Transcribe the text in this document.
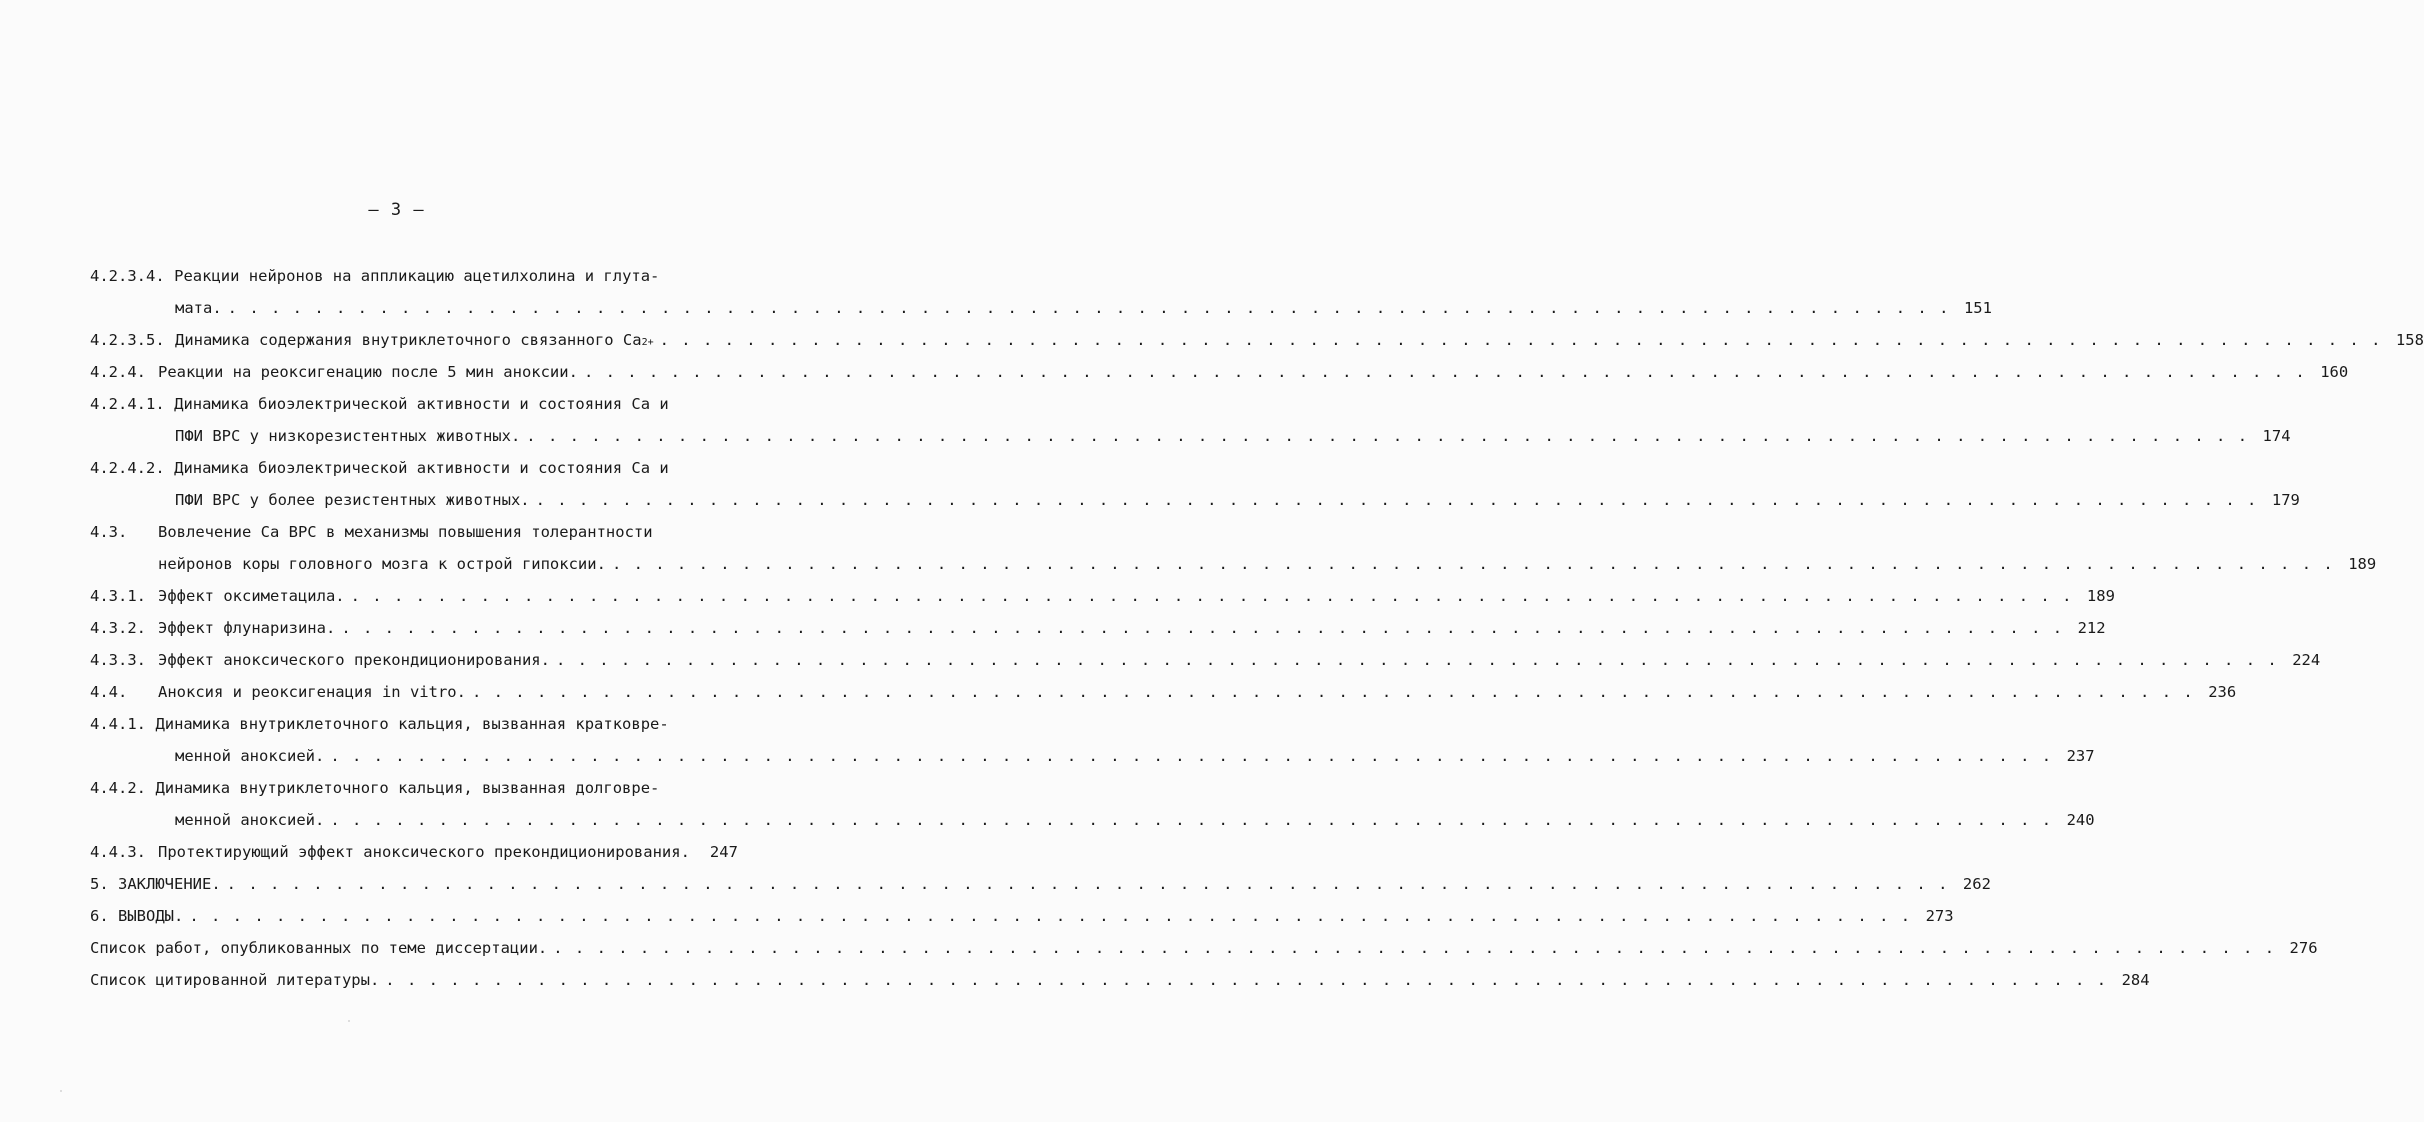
– 3 –
4.2.3.4. Реакции нейронов на аппликацию ацетилхолина и глута-
мата. . . . . . . . . . . . . . . . . . . . . . . . . . . . . . . . . . . . . . . . . . . . . . . . . . . . . . . . . . . . . . . . . . . . . . . . . . . . . . . . . 151
4.2.3.5. Динамика содержания внутриклеточного связанного Ca 2+ . . . . . . . . . . . . . . . . . . . . . . . . . . . . . . . . . . . . . . . . . . . . . . . . . . . . . . . . . . . . . . . . . . . . . . . . . . . . . . . . 158
4.2.4. Реакции на реоксигенацию после 5 мин аноксии. . . . . . . . . . . . . . . . . . . . . . . . . . . . . . . . . . . . . . . . . . . . . . . . . . . . . . . . . . . . . . . . . . . . . . . . . . . . . . . . . 160
4.2.4.1. Динамика биоэлектрической активности и состояния Ca и
ПФИ ВРС у низкорезистентных животных. . . . . . . . . . . . . . . . . . . . . . . . . . . . . . . . . . . . . . . . . . . . . . . . . . . . . . . . . . . . . . . . . . . . . . . . . . . . . . . . . 174
4.2.4.2. Динамика биоэлектрической активности и состояния Ca и
ПФИ ВРС у более резистентных животных. . . . . . . . . . . . . . . . . . . . . . . . . . . . . . . . . . . . . . . . . . . . . . . . . . . . . . . . . . . . . . . . . . . . . . . . . . . . . . . . . 179
4.3. Вовлечение Ca ВРС в механизмы повышения толерантности
нейронов коры головного мозга к острой гипоксии. . . . . . . . . . . . . . . . . . . . . . . . . . . . . . . . . . . . . . . . . . . . . . . . . . . . . . . . . . . . . . . . . . . . . . . . . . . . . . . . . 189
4.3.1. Эффект оксиметацила. . . . . . . . . . . . . . . . . . . . . . . . . . . . . . . . . . . . . . . . . . . . . . . . . . . . . . . . . . . . . . . . . . . . . . . . . . . . . . . . . 189
4.3.2. Эффект флунаризина. . . . . . . . . . . . . . . . . . . . . . . . . . . . . . . . . . . . . . . . . . . . . . . . . . . . . . . . . . . . . . . . . . . . . . . . . . . . . . . . . 212
4.3.3. Эффект аноксического прекондиционирования. . . . . . . . . . . . . . . . . . . . . . . . . . . . . . . . . . . . . . . . . . . . . . . . . . . . . . . . . . . . . . . . . . . . . . . . . . . . . . . . . 224
4.4. Аноксия и реоксигенация in vitro. . . . . . . . . . . . . . . . . . . . . . . . . . . . . . . . . . . . . . . . . . . . . . . . . . . . . . . . . . . . . . . . . . . . . . . . . . . . . . . . . 236
4.4.1. Динамика внутриклеточного кальция, вызванная кратковре-
менной аноксией. . . . . . . . . . . . . . . . . . . . . . . . . . . . . . . . . . . . . . . . . . . . . . . . . . . . . . . . . . . . . . . . . . . . . . . . . . . . . . . . . 237
4.4.2. Динамика внутриклеточного кальция, вызванная долговре-
менной аноксией. . . . . . . . . . . . . . . . . . . . . . . . . . . . . . . . . . . . . . . . . . . . . . . . . . . . . . . . . . . . . . . . . . . . . . . . . . . . . . . . . 240
4.4.3. Протектирующий эффект аноксического прекондиционирования.	247
5. ЗАКЛЮЧЕНИЕ. . . . . . . . . . . . . . . . . . . . . . . . . . . . . . . . . . . . . . . . . . . . . . . . . . . . . . . . . . . . . . . . . . . . . . . . . . . . . . . . . 262
6. ВЫВОДЫ. . . . . . . . . . . . . . . . . . . . . . . . . . . . . . . . . . . . . . . . . . . . . . . . . . . . . . . . . . . . . . . . . . . . . . . . . . . . . . . . . 273
Список работ, опубликованных по теме диссертации. . . . . . . . . . . . . . . . . . . . . . . . . . . . . . . . . . . . . . . . . . . . . . . . . . . . . . . . . . . . . . . . . . . . . . . . . . . . . . . . . 276
Список цитированной литературы. . . . . . . . . . . . . . . . . . . . . . . . . . . . . . . . . . . . . . . . . . . . . . . . . . . . . . . . . . . . . . . . . . . . . . . . . . . . . . . . . 284
